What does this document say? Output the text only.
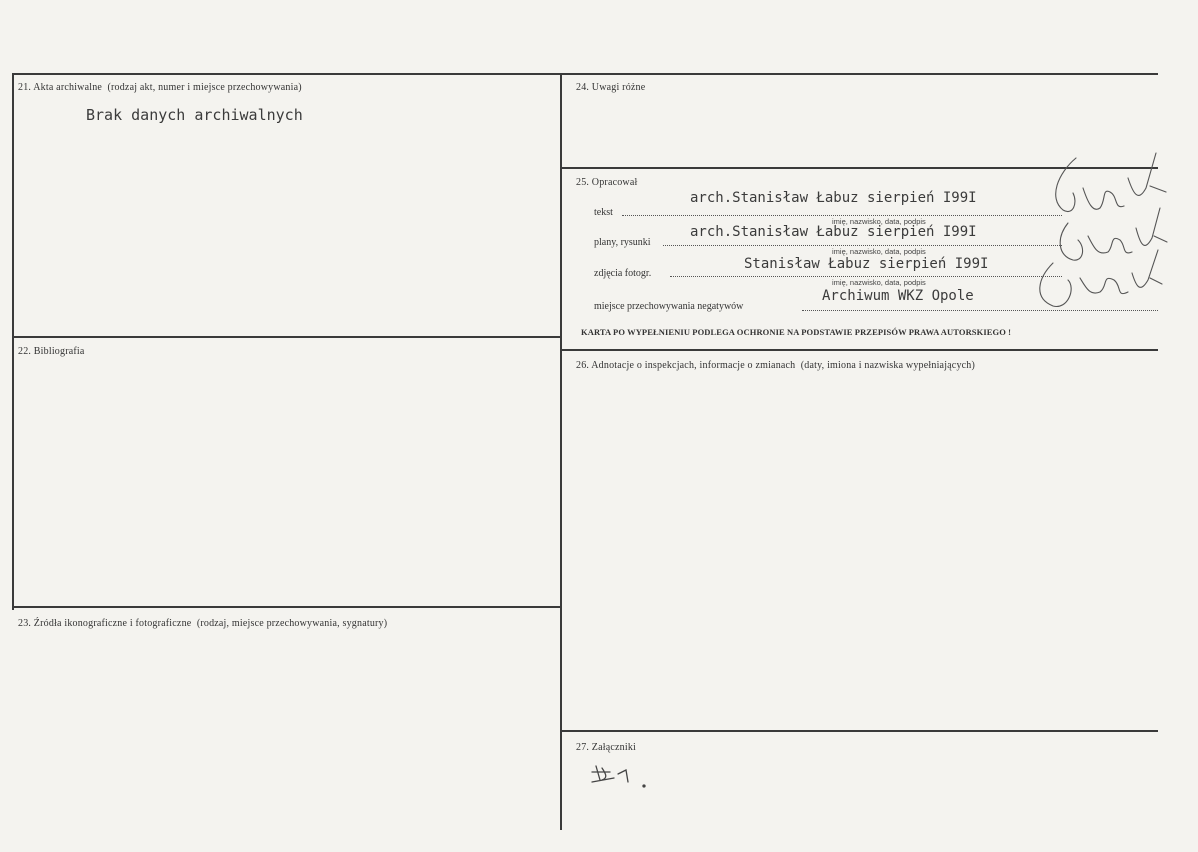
21. Akta archiwalne (rodzaj akt, numer i miejsce przechowywania)
Brak danych archiwalnych
22. Bibliografia
23. Źródła ikonograficzne i fotograficzne (rodzaj, miejsce przechowywania, sygnatury)
24. Uwagi różne
25. Opracował
tekst
arch.Stanisław Łabuz sierpień I99I
imię, nazwisko, data, podpis
plany, rysunki
arch.Stanisław Łabuz sierpień I99I
imię, nazwisko, data, podpis
zdjęcia fotogr.
Stanisław Łabuz sierpień I99I
imię, nazwisko, data, podpis
miejsce przechowywania negatywów
Archiwum WKZ Opole
KARTA PO WYPEŁNIENIU PODLEGA OCHRONIE NA PODSTAWIE PRZEPISÓW PRAWA AUTORSKIEGO !
26. Adnotacje o inspekcjach, informacje o zmianach (daty, imiona i nazwiska wypełniających)
27. Załączniki
